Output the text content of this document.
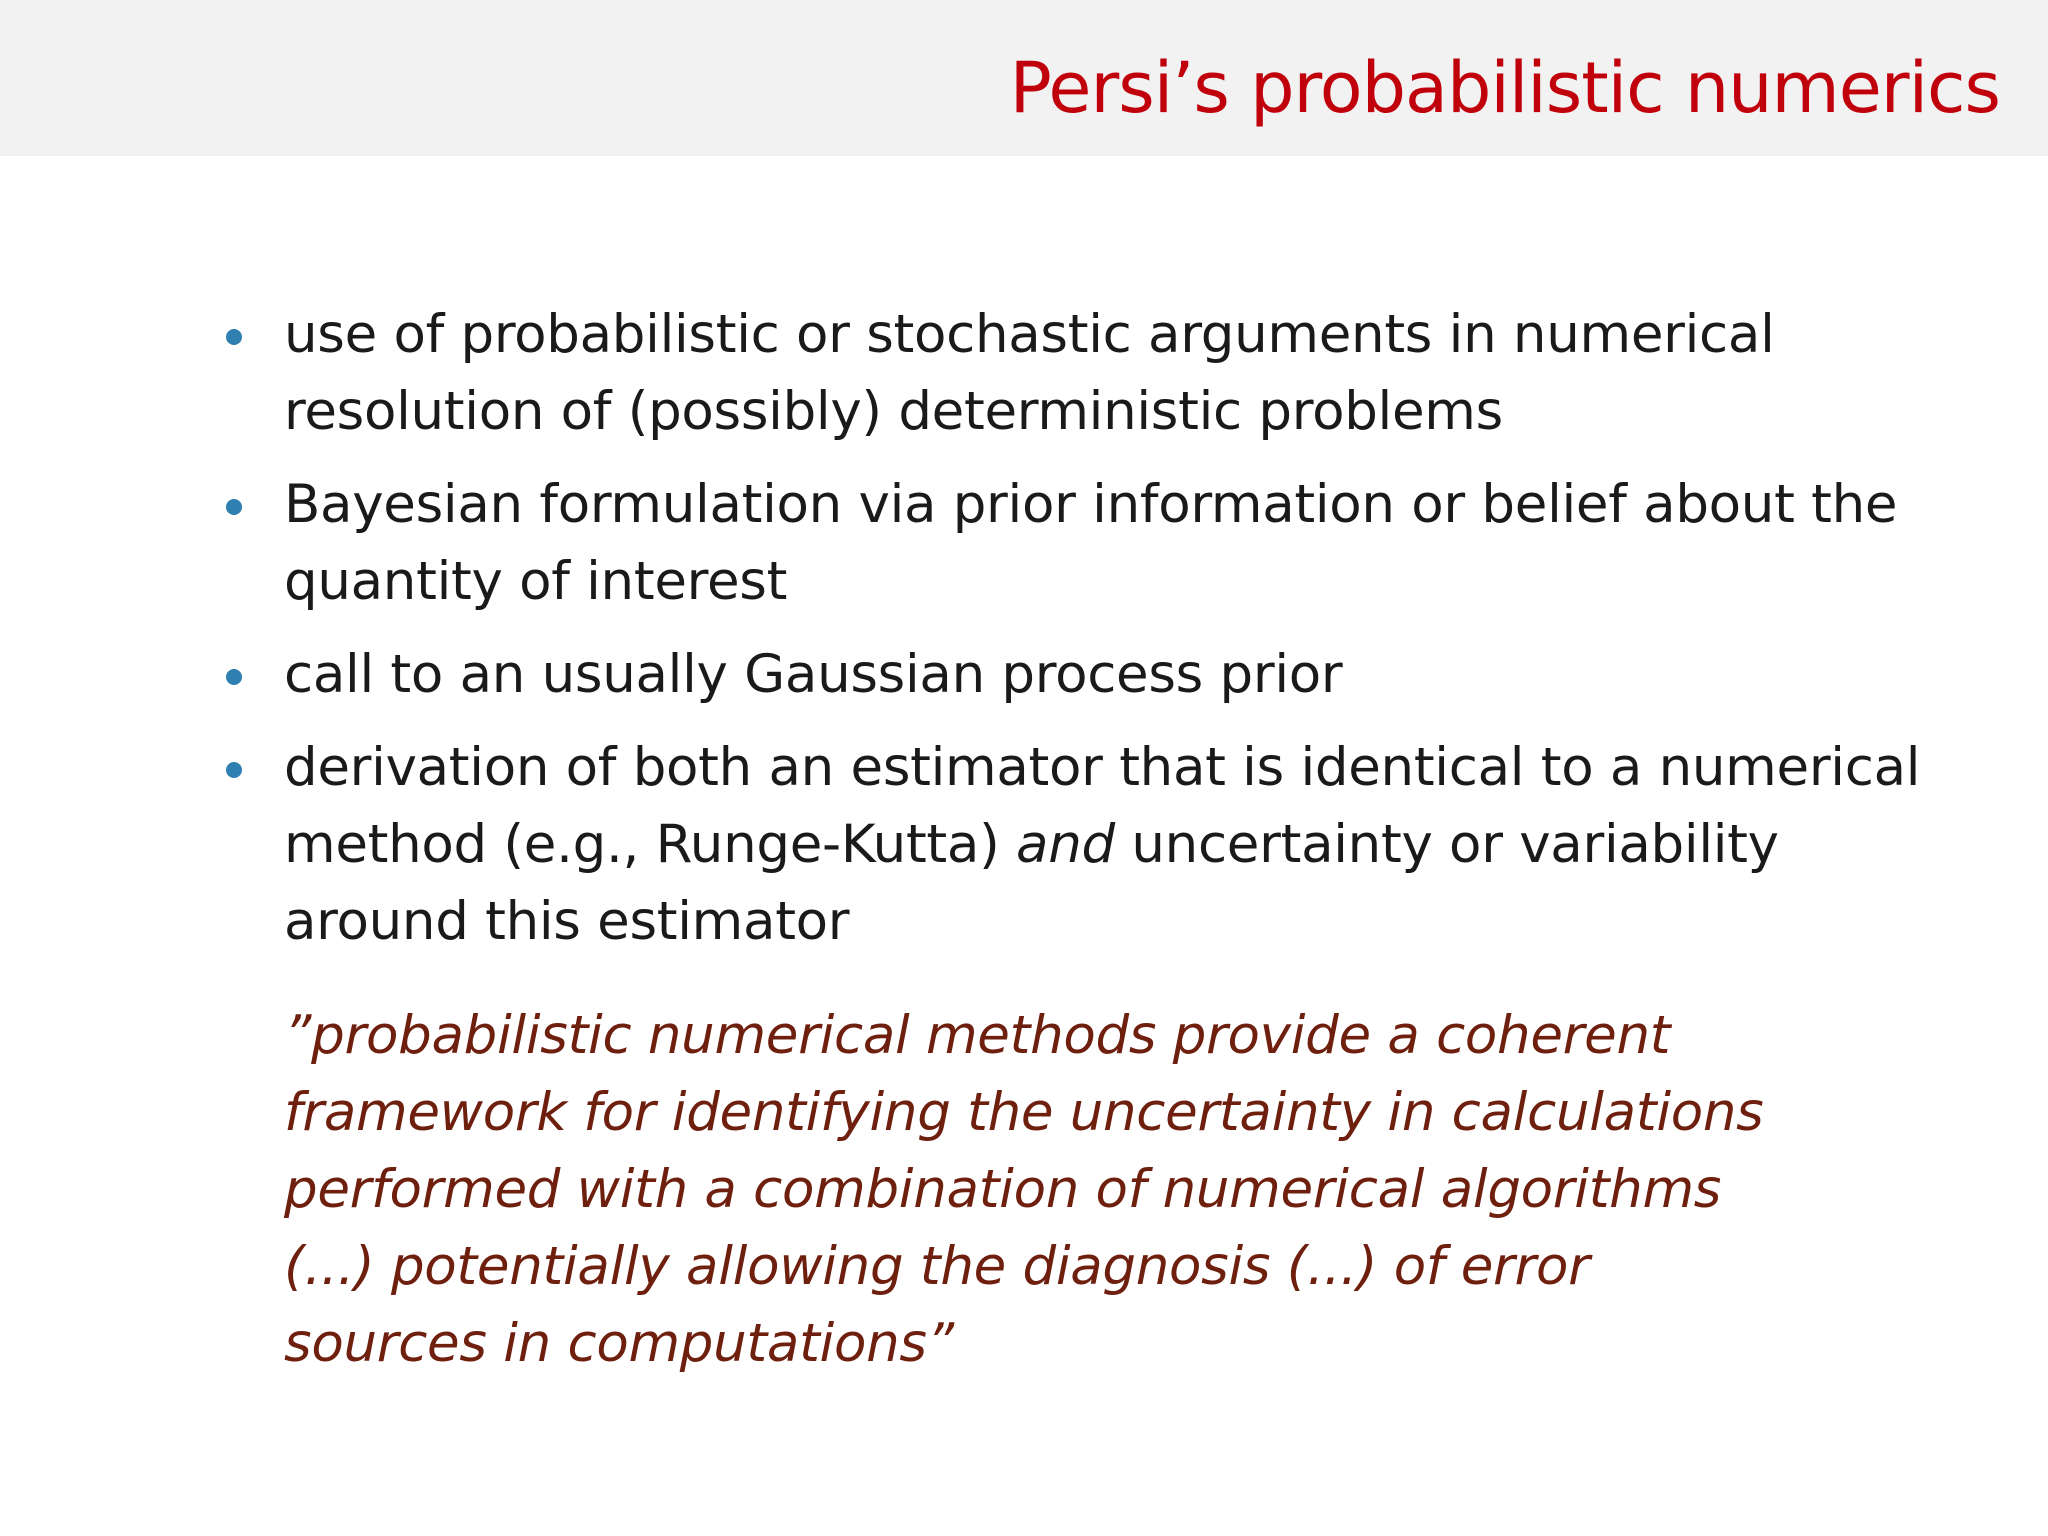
Persi’s probabilistic numerics
use of probabilistic or stochastic arguments in numerical
resolution of (possibly) deterministic problems
Bayesian formulation via prior information or belief about the
quantity of interest
call to an usually Gaussian process prior
derivation of both an estimator that is identical to a numerical
method (e.g., Runge-Kutta) and uncertainty or variability
around this estimator
”probabilistic numerical methods provide a coherent
framework for identifying the uncertainty in calculations
performed with a combination of numerical algorithms
(...) potentially allowing the diagnosis (...) of error
sources in computations”
